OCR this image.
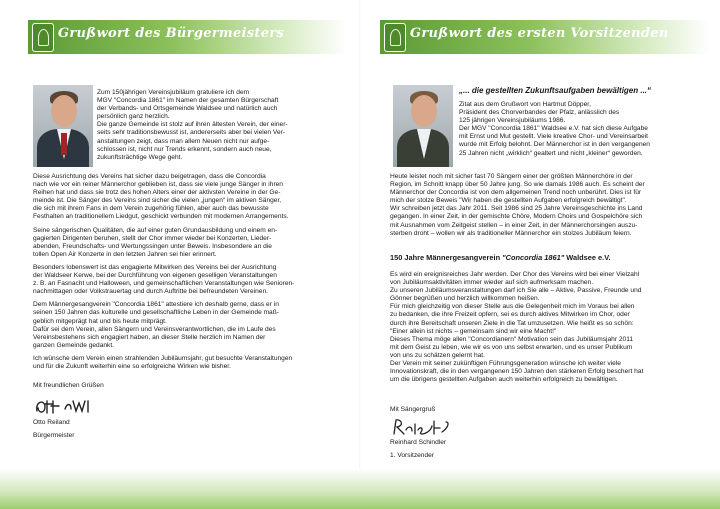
Grußwort des Bürgermeisters
Zum 150jährigen Vereinsjubiläum gratuliere ich dem
MGV "Concordia 1861" im Namen der gesamten Bürgerschaft
der Verbands- und Ortsgemeinde Waldsee und natürlich auch
persönlich ganz herzlich.
Die ganze Gemeinde ist stolz auf ihren ältesten Verein, der einer-
seits sehr traditionsbewusst ist, andererseits aber bei vielen Ver-
anstaltungen zeigt, dass man allem Neuen nicht nur aufge-
schlossen ist, nicht nur Trends erkennt, sondern auch neue,
zukunftsträchtige Wege geht.

Diese Ausrichtung des Vereins hat sicher dazu beigetragen, dass die Concordia
nach wie vor ein reiner Männerchor geblieben ist, dass sie viele junge Sänger in ihren
Reihen hat und dass sie trotz des hohen Alters einer der aktivsten Vereine in der Ge-
meinde ist. Die Sänger des Vereins sind sicher die vielen „jungen“ im aktiven Sänger,
die sich mit ihrem Fans in dem Verein zugehörig fühlen, aber auch das bewusste
Festhalten an traditionellem Liedgut, geschickt verbunden mit modernen Arrangements.

Seine sängerischen Qualitäten, die auf einer guten Grundausbildung und einem en-
gagierten Dirigenten beruhen, stellt der Chor immer wieder bei Konzerten, Lieder-
abenden, Freundschafts- und Wertungssingen unter Beweis. Insbesondere an die
tollen Open Air Konzerte in den letzten Jahren sei hier erinnert.

Besonders lobenswert ist das engagierte Mitwirken des Vereins bei der Ausrichtung
der Waldseer Kerwe, bei der Durchführung von eigenen geselligen Veranstaltungen
z. B. an Fasnacht und Halloween, und gemeinschaftlichen Veranstaltungen wie Senioren-
nachmittagen oder Volkstrauertag und durch Auftritte bei befreundeten Vereinen.

Dem Männergesangverein "Concordia 1861" attestiere ich deshalb gerne, dass er in
seinen 150 Jahren das kulturelle und gesellschaftliche Leben in der Gemeinde maß-
geblich mitgeprägt hat und bis heute mitprägt.
Dafür sei dem Verein, allen Sängern und Vereinsverantwortlichen, die im Laufe des
Vereinsbestehens sich engagiert haben, an dieser Stelle herzlich im Namen der
ganzen Gemeinde gedankt.

Ich wünsche dem Verein einen strahlenden Jubiläumsjahr, gut besuchte Veranstaltungen
und für die Zukunft weiterhin eine so erfolgreiche Wirken wie bisher.

Mit freundlichen Grüßen

Otto Reiland

Bürgermeister

Grußwort des ersten Vorsitzenden

„... die gestellten Zukunftsaufgaben bewältigen ...“

Zitat aus dem Grußwort von Hartmut Döpper,
Präsident des Chorverbandes der Pfalz, anlässlich des
125 jährigen Vereinsjubiläums 1986.
Der MGV "Concordia 1861" Waldsee e.V. hat sich diese Aufgabe
mit Ernst und Mut gestellt. Viele kreative Chor- und Vereinsarbeit
wurde mit Erfolg belohnt. Der Männerchor ist in den vergangenen
25 Jahren nicht „wirklich“ gealtert und nicht „kleiner“ geworden.
Heute leistet noch mit sicher fast 70 Sängern einer der größten Männerchöre in der
Region, im Schnitt knapp über 50 Jahre jung. So wie damals 1986 auch. Es scheint der
Männerchor der Concordia ist von dem allgemeinen Trend noch unberührt. Dies ist für
mich der stolze Beweis "Wir haben die gestellten Aufgaben erfolgreich bewältigt".
Wir schreiben jetzt das Jahr 2011. Seit 1986 sind 25 Jahre Vereinsgeschichte ins Land
gegangen. In einer Zeit, in der gemischte Chöre, Modern Choirs und Gospelchöre sich
mit Ausnahmen vom Zeitgeist stellen – in einer Zeit, in der Männerchorsingen auszu-
sterben droht – wollen wir als traditioneller Männerchor ein stolzes Jubiläum feiern.

150 Jahre Männergesangverein "Concordia 1861" Waldsee e.V.

Es wird ein ereignisreiches Jahr werden. Der Chor des Vereins wird bei einer Vielzahl
von Jubiläumsaktivitäten immer wieder auf sich aufmerksam machen.
Zu unseren Jubiläumsveranstaltungen darf ich Sie alle – Aktive, Passive, Freunde und
Gönner begrüßen und herzlich willkommen heißen.
Für mich gleichzeitig von dieser Stelle aus die Gelegenheit mich im Voraus bei allen
zu bedanken, die ihre Freizeit opfern, sei es durch aktives Mitwirken im Chor, oder
durch ihre Bereitschaft unseren Ziele in die Tat umzusetzen. Wie heißt es so schön:
"Einer allein ist nichts – gemeinsam sind wir eine Macht!"
Dieses Thema möge allen "Concordianern" Motivation sein das Jubiläumsjahr 2011
mit dem Geist zu leben, wie wir es von uns selbst erwarten, und es unser Publikum
von uns zu schätzen gelernt hat.
Der Verein mit seiner zukünftigen Führungsgeneration wünsche ich weiter viele
Innovationskraft, die in den vergangenen 150 Jahren den stärkeren Erfolg beschert hat
um die übrigens gestellten Aufgaben auch weiterhin erfolgreich zu bewältigen.

Mit Sängergruß

Reinhard Schindler

1. Vorsitzender
